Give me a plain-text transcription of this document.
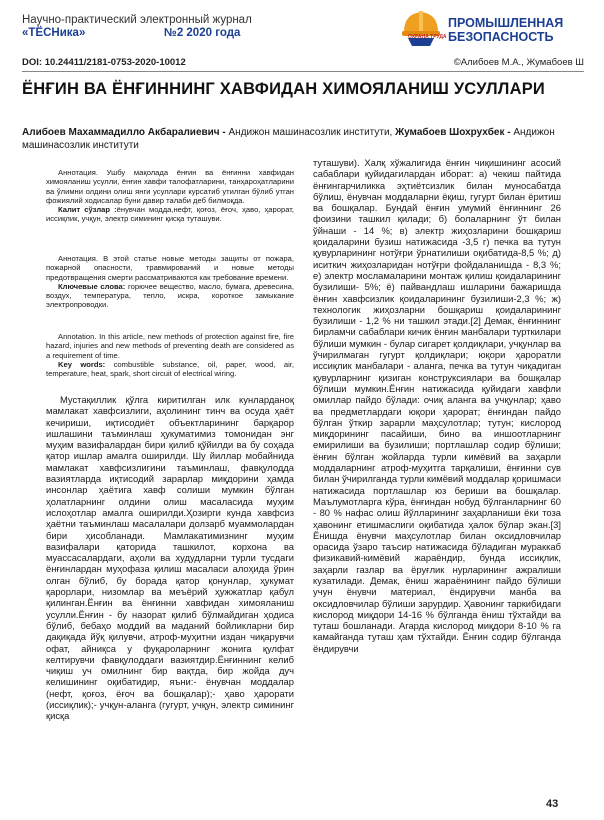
Научно-практический электронный журнал
«ТЁСНика»	№2 2020 года	ОХРАНА ТРУДА
ПРОМЫШЛЕННАЯ
БЕЗОПАСНОСТЬ
DOI: 10.24411/2181-0753-2020-10012	©Алибоев М.А., Жумабоев Ш
ЁНҒИН ВА ЁНҒИННИНГ ХАВФИДАН ХИМОЯЛАНИШ УСУЛЛАРИ
Алибоев Махаммадилло Акбаралиевич - Андижон машинасозлик институти, Жумабоев Шохрухбек - Андижон машинасозлик институти

Аннотация. Ушбу мақолада ёнғин ва ёнғинни хавфидан химояланиш усулли, ёнғин хавфи талофатлaрини, тaнҳaроҳaтлaрини вa ўлимни олдини олиш янги усуллaри курсaтиб утилган бўлиб утган фожиялий ходисалар буни давир талаби деб билмоқда.

Калит сўзлар :ёнувчан модда,нефт, қоғоз, ёғоч, ҳаво, ҳарорат, иссиқлик, учқун, электр симининг қисқа туташуви.

Аннотация. В этой статье новые методы защиты от пожара, пожарной опасности, травмирований и новые методы предотвращения смерти рассматриваются как требование времени.

Ключевые слова: горючее вещество, масло, бумага, древесина, воздух, температура, тепло, искра, короткое замыкание электропроводки.

Annotation. In this article, new methods of protection against fire, fire hazard, injuries and new methods of preventing death are considered as a requirement of time.

Key words: combustible substance, oil, paper, wood, air, temperature, heat, spark, short circuit of electrical wiring.

Мустақиллик қўлга киритилган илк кунларданоқ мамлакат хавфсизлиги, аҳолининг тинч ва осуда ҳаёт кечириши, иқтисодиёт объектларининг барқарор ишлашини таъминлаш ҳукуматимиз томонидан энг муҳим вазифалардан бири қилиб қўйилди ва бу соҳада қатор ишлар амалга оширилди. Шу йиллар мобайнида мамлакат хавфсизлигини таъминлаш, фавқулодда вазиятларда иқтисодий зарарлар миқдорини ҳамда инсонлар ҳаётига хавф солиши мумкин бўлган ҳолатларнинг олдини олиш масаласида муҳим ислоҳотлар амалга оширилди.Ҳозирги кунда хавфсиз ҳаётни таъминлаш масалалари долзарб муаммолардан бири ҳисобланади. Мамлакатимизнинг муҳим вазифалари қаторида ташкилот, корхона ва муассасалардаги, аҳоли ва худудларни турли тусдаги ёнғинлардан муҳофаза қилиш масаласи алоҳида ўрин олган бўлиб, бу борада қатор қонунлар, ҳукумат қарорлари, низомлар ва меъёрий ҳужжатлар қабул қилинган.Ёнғин ва ёнғинни хавфидан химояланиш усулли.Ёнғин - бу назорат қилиб бўлмайдиган ҳодиса бўлиб, бебаҳо моддий ва маданий бойликларни бир дақиқада йўқ қилувчи, атроф-муҳитни издан чиқарувчи офат, айниқса у фуқароларнинг жонига қулфат келтирувчи фавқулoддаги вазиятдир.Ёнғиннинг келиб чиқиш уч омилнинг бир вақтда, бир жойда дуч келишининг оқибатидир, яъни:- ёнувчан моддалар (нефт, қоғоз, ёғоч ва бошқалар);- ҳаво ҳарорати (иссиқлик);- учқун-аланга (гугурт, учқун, электр симининг қисқа

туташуви). Халқ хўжалигида ёнғин чиқишининг асосий сабаблари қуйидагилардан иборат: а) чекиш пайтида ёнғингарчиликка эҳтиётсизлик билан муносабатда бўлиш, ёнувчан моддаларни ёқиш, гугурт билан ёритиш ва бошқалар. Бундай ёнғин умумий ёнғиннинг 26 фоизини ташкил қилади; б) болаларнинг ўт билан ўйнаши - 14 %; в) электр жиҳозларини бошқариш қоидаларини бузиш натижасида -3,5 г) печка ва тутун қувурларининг нотўғри ўрнатилиши оқибатида-8,5 %; д) иситкич жиҳозларидан нотўғри фойдаланишда - 8,3 %; е) электр мосламаларини монтаж қилиш қоидаларининг бузилиши- 5%; ё) пайвандлаш ишларини бажаришда ёнғин хавфсизлик қоидаларининг бузилиши-2,3 %; ж) технологик жиҳозларни бошқариш қоидаларининг бузилиши - 1,2 % ни ташкил этади.[2] Демак, ёнғиннинг бирламчи сабаблари кичик ёнғин манбалари турткилари бўлиши мумкин - булар сигарет қолдиқлари, учқунлар ва ўчирилмаган гугурт қолдиқлари; юқори ҳароратли иссиқлик манбалари - аланга, печка ва тутун чиқадиган қувурларнинг қизиган конструксиялари ва бошқалар бўлиши мумкин.Ёнғин натижасида қуйидаги хавфли омиллар пайдо бўлади: очиқ аланга ва учқунлар; ҳаво ва предметлардаги юқори ҳарорат; ёнғиндан пайдо бўлган ўткир зарарли маҳсулотлар; тутун; кислород миқдорининг пасайиши, бино ва иншоотларнинг емирилиши ва бузилиши; портлашлар содир бўлиши; ёнғин бўлган жойларда турли кимёвий ва заҳарли моддаларнинг атроф-муҳитга тарқалиши, ёнғинни сув билан ўчирилганда турли кимёвий моддалар қоришмаси натижасида портлашлар юз бериши ва бошқалар. Маълумотларга кўра, ёнғиндан нобуд бўлганларнинг 60 - 80 % нафас олиш йўлларининг заҳарланиши ёки тоза ҳавонинг етишмаслиги оқибатида ҳалок бўлар экан.[3] Ёнишда ёнувчи маҳсулотлар билан оксидловчилар орасида ўзаро таъсир натижасида бўладиган мураккаб физикавий-кимёвий жараёндир, бунда иссиқлик, заҳарли газлар ва ёруғлик нурларининг ажралиши кузатилади. Демак, ёниш жараёнининг пайдо бўлиши учун ёнувчи материал, ёндирувчи манба ва оксидловчилар бўлиши зарурдир. Ҳавонинг таркибидаги кислород миқдори 14-16 % бўлганда ёниш тўхтайди ва туташ бошланади. Агарда кислород миқдори 8-10 % га камайганда туташ ҳам тўхтайди. Ёнғин содир бўлганда ёндирувчи

43
